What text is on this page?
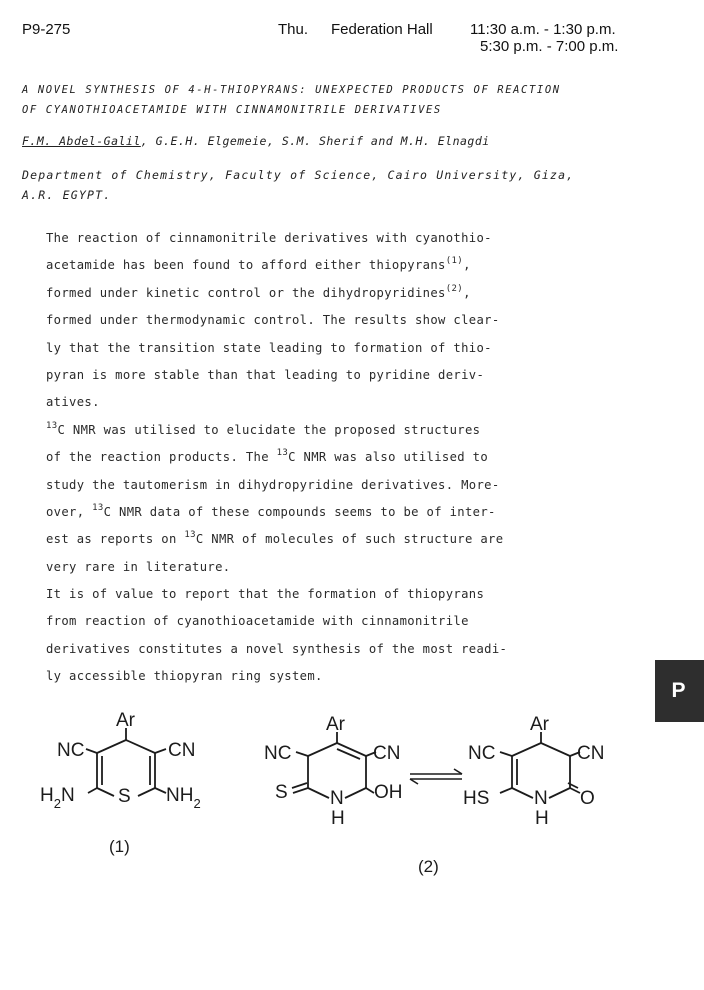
P9-275	Thu. Federation Hall 11:30 a.m. - 1:30 p.m.
5:30 p.m. - 7:00 p.m.
A NOVEL SYNTHESIS OF 4-H-THIOPYRANS: UNEXPECTED PRODUCTS OF REACTION
OF CYANOTHIOACETAMIDE WITH CINNAMONITRILE DERIVATIVES
F.M. Abdel-Galil, G.E.H. Elgemeie, S.M. Sherif and M.H. Elnagdi
Department of Chemistry, Faculty of Science, Cairo University, Giza,
A.R. EGYPT.
The reaction of cinnamonitrile derivatives with cyanothio-
acetamide has been found to afford either thiopyrans$^{(1)}$,
formed under kinetic control or the dihydropyridines$^{(2)}$,
formed under thermodynamic control. The results show clear-
ly that the transition state leading to formation of thio-
pyran is more stable than that leading to pyridine deriv-
atives.
$^{13}$C NMR was utilised to elucidate the proposed structures
of the reaction products. The $^{13}$C NMR was also utilised to
study the tautomerism in dihydropyridine derivatives. More-
over, $^{13}$C NMR data of these compounds seems to be of inter-
est as reports on $^{13}$C NMR of molecules of such structure are
very rare in literature.
It is of value to report that the formation of thiopyrans
from reaction of cyanothioacetamide with cinnamonitrile
derivatives constitutes a novel synthesis of the most readi-
ly accessible thiopyran ring system.
P
Ar
NC	CN
$H_2N$ S $NH_2$
(1)
Ar
NC	CN
S N
H
OH
Ar
NC	CN
HS N
H
O
(2)
